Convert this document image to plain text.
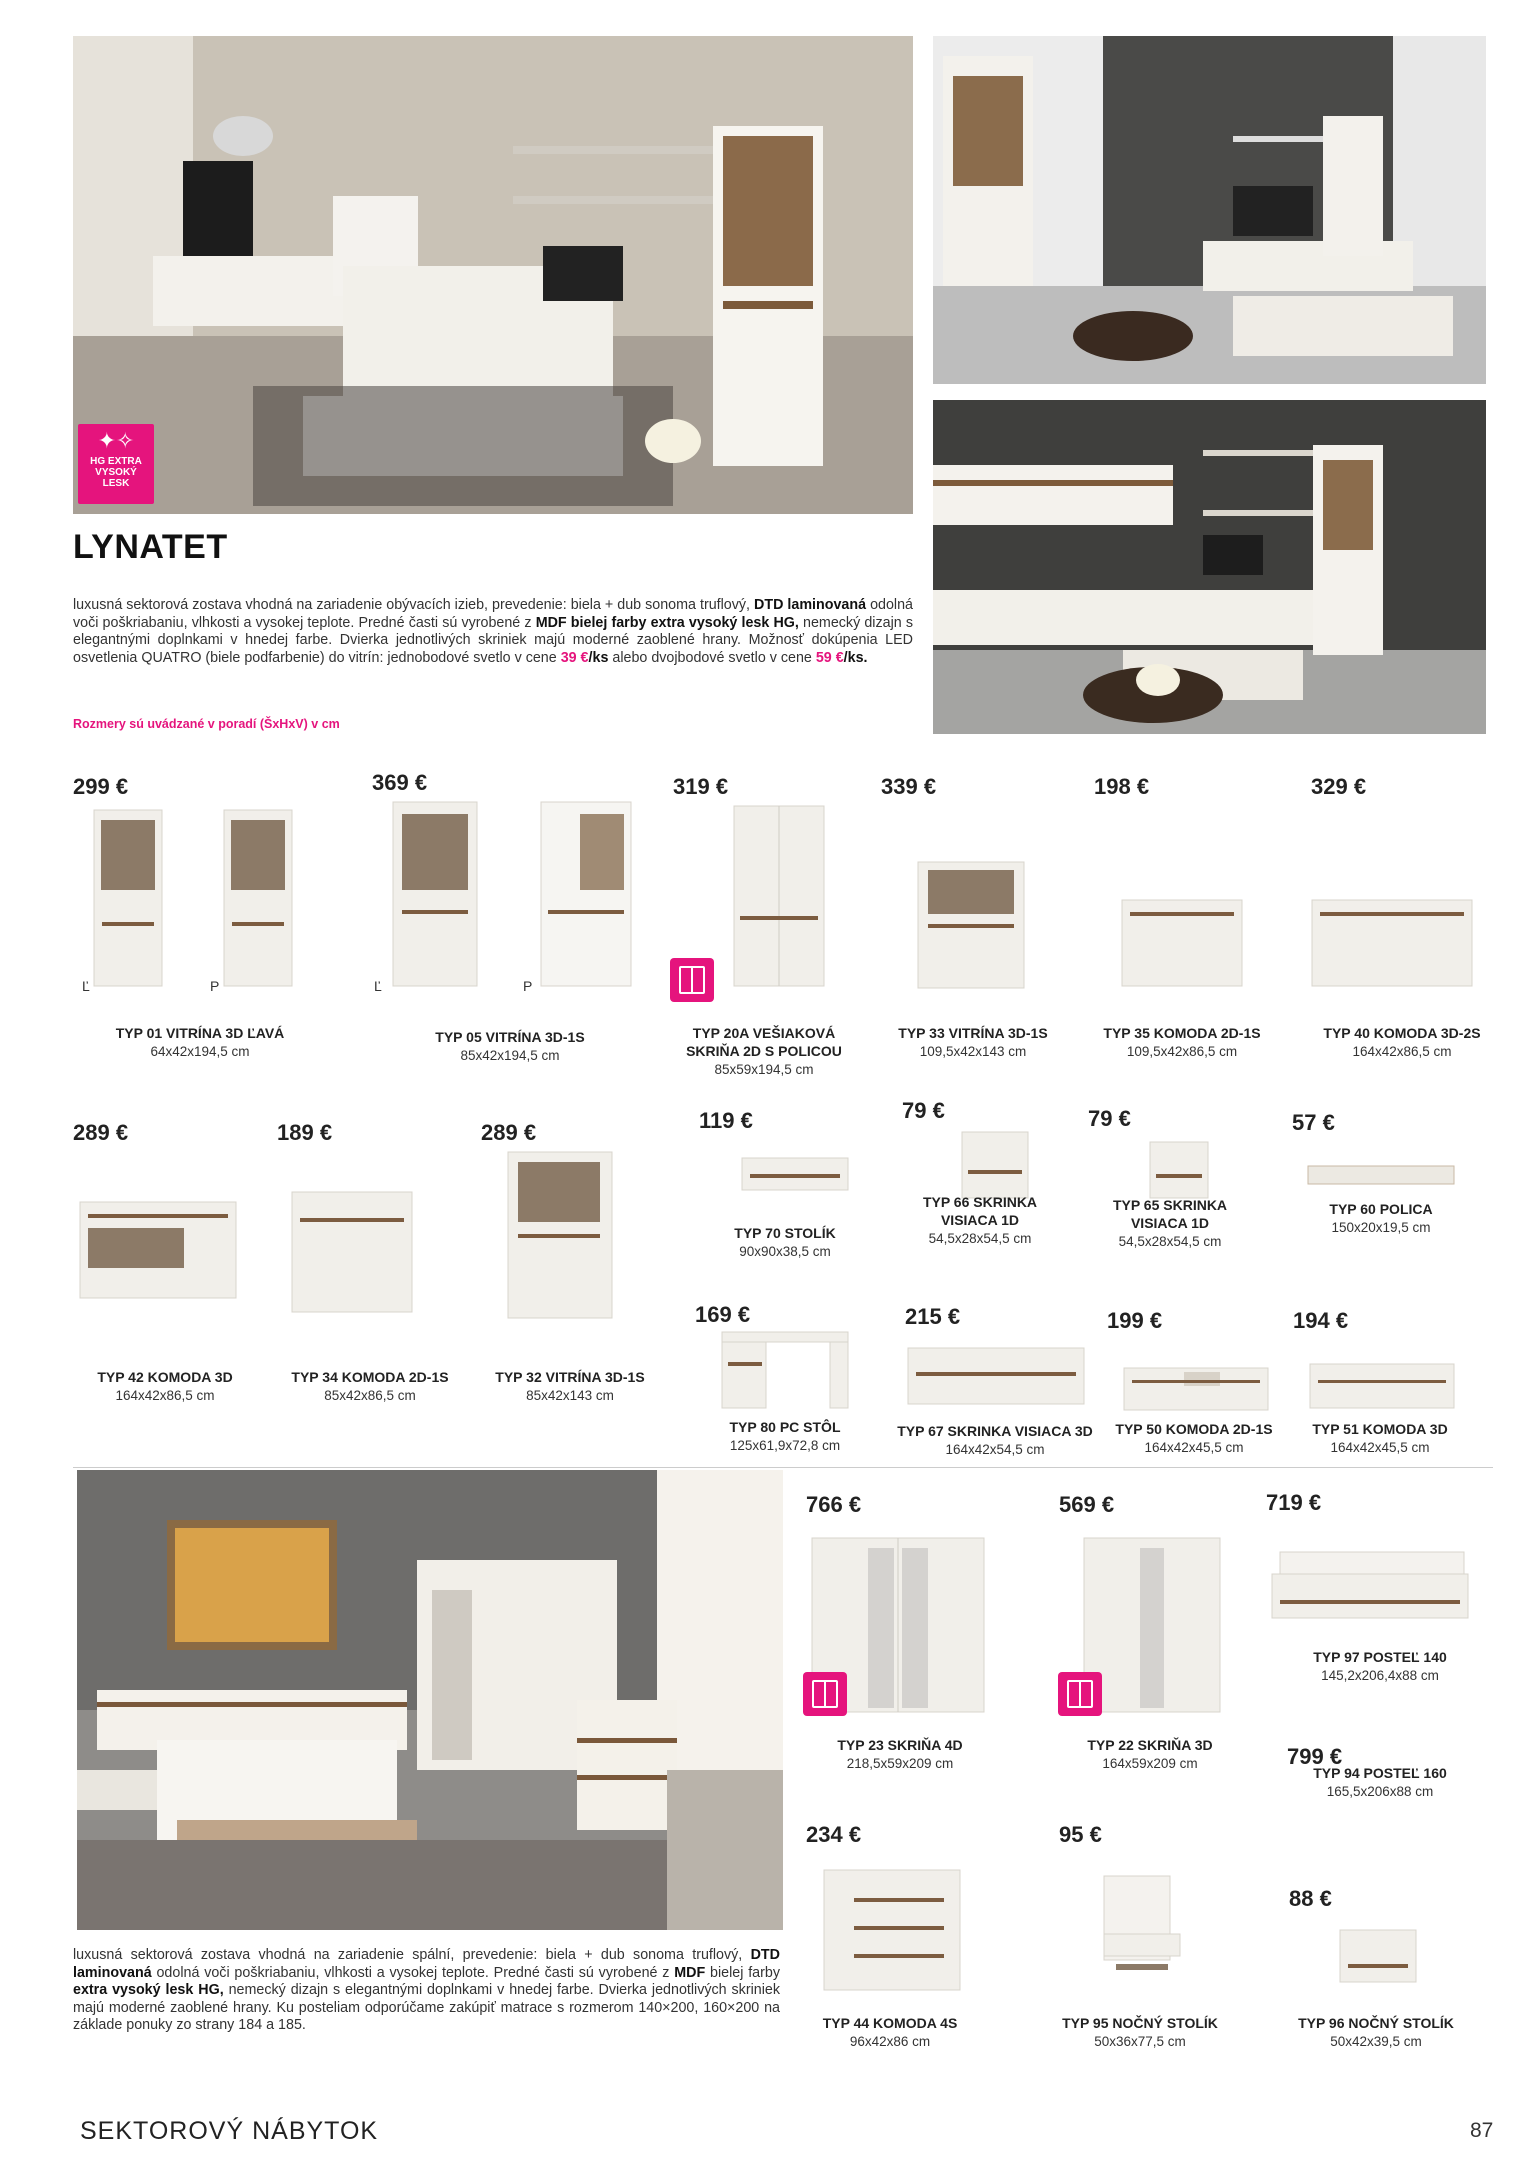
✦✧
HG EXTRA
VYSOKÝ
LESK
LYNATET
luxusná sektorová zostava vhodná na zariadenie obývacích izieb, prevedenie: biela + dub sonoma truflový, DTD laminovaná odolná voči poškriabaniu, vlhkosti a vysokej teplote. Predné časti sú vyrobené z MDF bielej farby extra vysoký lesk HG, nemecký dizajn s elegantnými doplnkami v hnedej farbe. Dvierka jednotlivých skriniek majú moderné zaoblené hrany. Možnosť dokúpenia LED osvetlenia QUATRO (biele podfarbenie) do vitrín: jednobodové svetlo v cene 39 €/ks alebo dvojbodové svetlo v cene 59 €/ks.
Rozmery sú uvádzané v poradí (ŠxHxV) v cm
luxusná sektorová zostava vhodná na zariadenie spální, prevedenie: biela + dub sonoma truflový, DTD laminovaná odolná voči poškriabaniu, vlhkosti a vysokej teplote. Predné časti sú vyrobené z MDF bielej farby extra vysoký lesk HG, nemecký dizajn s elegantnými doplnkami v hnedej farbe. Dvierka jednotlivých skriniek majú moderné zaoblené hrany. Ku posteliam odporúčame zakúpiť matrace s rozmerom 140×200, 160×200 na základe ponuky zo strany 184 a 185.
Ľ	P	Ľ	P
299 €	369 €	319 €	339 €	198 €	329 €
289 €	189 €	289 €	119 €	79 €	79 €	57 €
169 €	215 €	199 €	194 €
766 €	569 €	719 €
799 €
234 €	95 €
88 €
TYP 01 VITRÍNA 3D ĽAVÁ
64x42x194,5 cm
TYP 05 VITRÍNA 3D-1S
85x42x194,5 cm
TYP 20A VEŠIAKOVÁ SKRIŇA 2D S POLICOU
85x59x194,5 cm
TYP 33 VITRÍNA 3D-1S
109,5x42x143 cm
TYP 35 KOMODA 2D-1S
109,5x42x86,5 cm
TYP 40 KOMODA 3D-2S
164x42x86,5 cm
TYP 42 KOMODA 3D
164x42x86,5 cm
TYP 34 KOMODA 2D-1S
85x42x86,5 cm
TYP 32 VITRÍNA 3D-1S
85x42x143 cm
TYP 70 STOLÍK
90x90x38,5 cm
TYP 66 SKRINKA VISIACA 1D
54,5x28x54,5 cm
TYP 65 SKRINKA VISIACA 1D
54,5x28x54,5 cm
TYP 60 POLICA
150x20x19,5 cm
TYP 80 PC STÔL
125x61,9x72,8 cm
TYP 67 SKRINKA VISIACA 3D
164x42x54,5 cm
TYP 50 KOMODA 2D-1S
164x42x45,5 cm
TYP 51 KOMODA 3D
164x42x45,5 cm
TYP 23 SKRIŇA 4D
218,5x59x209 cm
TYP 22 SKRIŇA 3D
164x59x209 cm
TYP 97 POSTEĽ 140
145,2x206,4x88 cm
TYP 94 POSTEĽ 160
165,5x206x88 cm
TYP 44 KOMODA 4S
96x42x86 cm
TYP 95 NOČNÝ STOLÍK
50x36x77,5 cm
TYP 96 NOČNÝ STOLÍK
50x42x39,5 cm
SEKTOROVÝ NÁBYTOK	87
